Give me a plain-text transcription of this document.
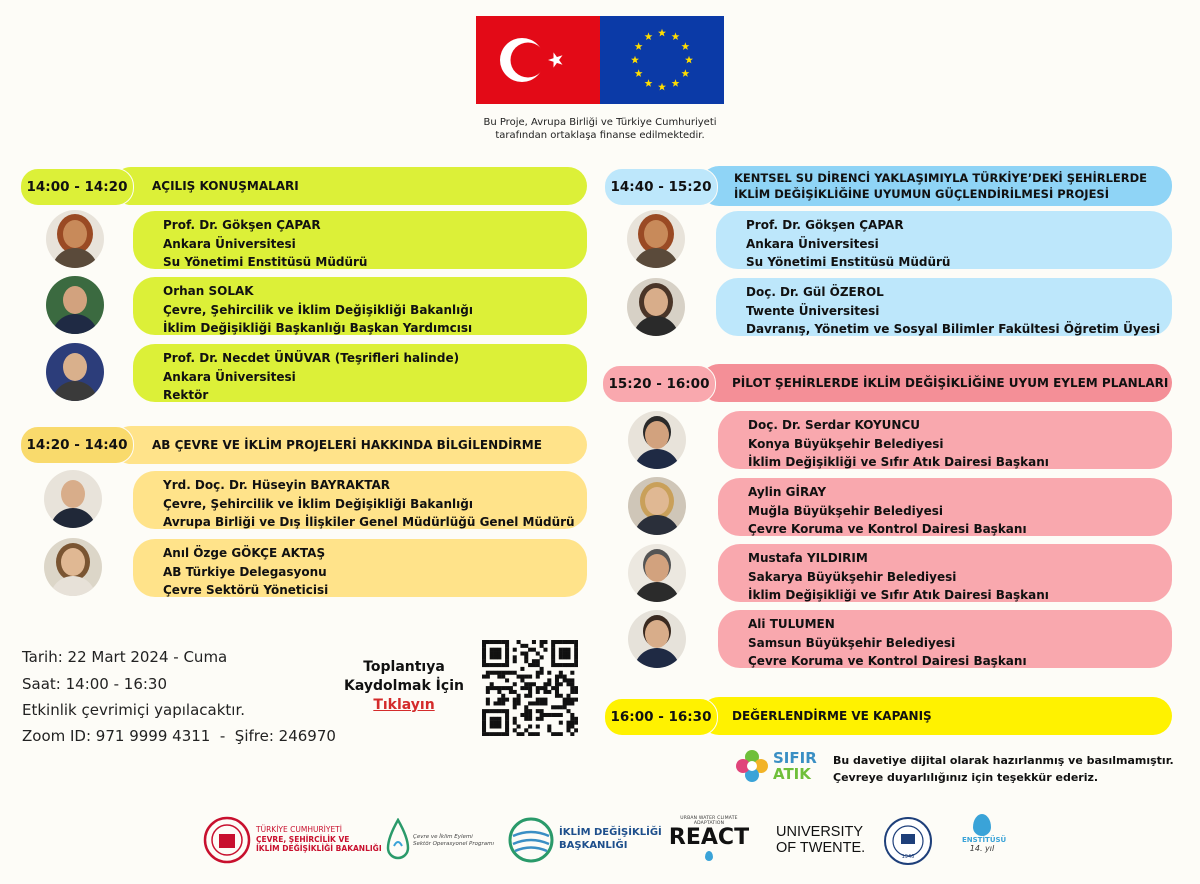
Bu Proje, Avrupa Birliği ve Türkiye Cumhuriyeti
tarafından ortaklaşa finanse edilmektedir.
AÇILIŞ KONUŞMALARI
14:00 - 14:20
Prof. Dr. Gökşen ÇAPAR
Ankara Üniversitesi
Su Yönetimi Enstitüsü Müdürü
Orhan SOLAK
Çevre, Şehircilik ve İklim Değişikliği Bakanlığı
İklim Değişikliği Başkanlığı Başkan Yardımcısı
Prof. Dr. Necdet ÜNÜVAR (Teşrifleri halinde)
Ankara Üniversitesi
Rektör
AB ÇEVRE VE İKLİM PROJELERİ HAKKINDA BİLGİLENDİRME
14:20 - 14:40
Yrd. Doç. Dr. Hüseyin BAYRAKTAR
Çevre, Şehircilik ve İklim Değişikliği Bakanlığı
Avrupa Birliği ve Dış İlişkiler Genel Müdürlüğü Genel Müdürü
Anıl Özge GÖKÇE AKTAŞ
AB Türkiye Delegasyonu
Çevre Sektörü Yöneticisi
KENTSEL SU DİRENCİ YAKLAŞIMIYLA TÜRKİYE’DEKİ ŞEHİRLERDE
İKLİM DEĞİŞİKLİĞİNE UYUMUN GÜÇLENDİRİLMESİ PROJESİ
14:40 - 15:20
Prof. Dr. Gökşen ÇAPAR
Ankara Üniversitesi
Su Yönetimi Enstitüsü Müdürü
Doç. Dr. Gül ÖZEROL
Twente Üniversitesi
Davranış, Yönetim ve Sosyal Bilimler Fakültesi Öğretim Üyesi
PİLOT ŞEHİRLERDE İKLİM DEĞİŞİKLİĞİNE UYUM EYLEM PLANLARI
15:20 - 16:00
Doç. Dr. Serdar KOYUNCU
Konya Büyükşehir Belediyesi
İklim Değişikliği ve Sıfır Atık Dairesi Başkanı
Aylin GİRAY
Muğla Büyükşehir Belediyesi
Çevre Koruma ve Kontrol Dairesi Başkanı
Mustafa YILDIRIM
Sakarya Büyükşehir Belediyesi
İklim Değişikliği ve Sıfır Atık Dairesi Başkanı
Ali TULUMEN
Samsun Büyükşehir Belediyesi
Çevre Koruma ve Kontrol Dairesi Başkanı
DEĞERLENDİRME VE KAPANIŞ
16:00 - 16:30
Tarih: 22 Mart 2024 - Cuma
Saat: 14:00 - 16:30
Etkinlik çevrimiçi yapılacaktır.
Zoom ID: 971 9999 4311  -  Şifre: 246970
Toplantıya
Kaydolmak İçin
Tıklayın
SIFIR
ATIK
Bu davetiye dijital olarak hazırlanmış ve basılmamıştır.
Çevreye duyarlılığınız için teşekkür ederiz.
TÜRKİYE CUMHURİYETİ
ÇEVRE, ŞEHİRCİLİK VE
İKLİM DEĞİŞİKLİĞİ BAKANLIĞI
Çevre ve İklim Eylemi
Sektör Operasyonel Programı
İKLİM DEĞİŞİKLİĞİ
BAŞKANLIĞI
URBAN WATER CLIMATE ADAPTATION
REACT UNIVERSITY
OF TWENTE.
1946
ENSTİTÜSÜ
14. yıl
